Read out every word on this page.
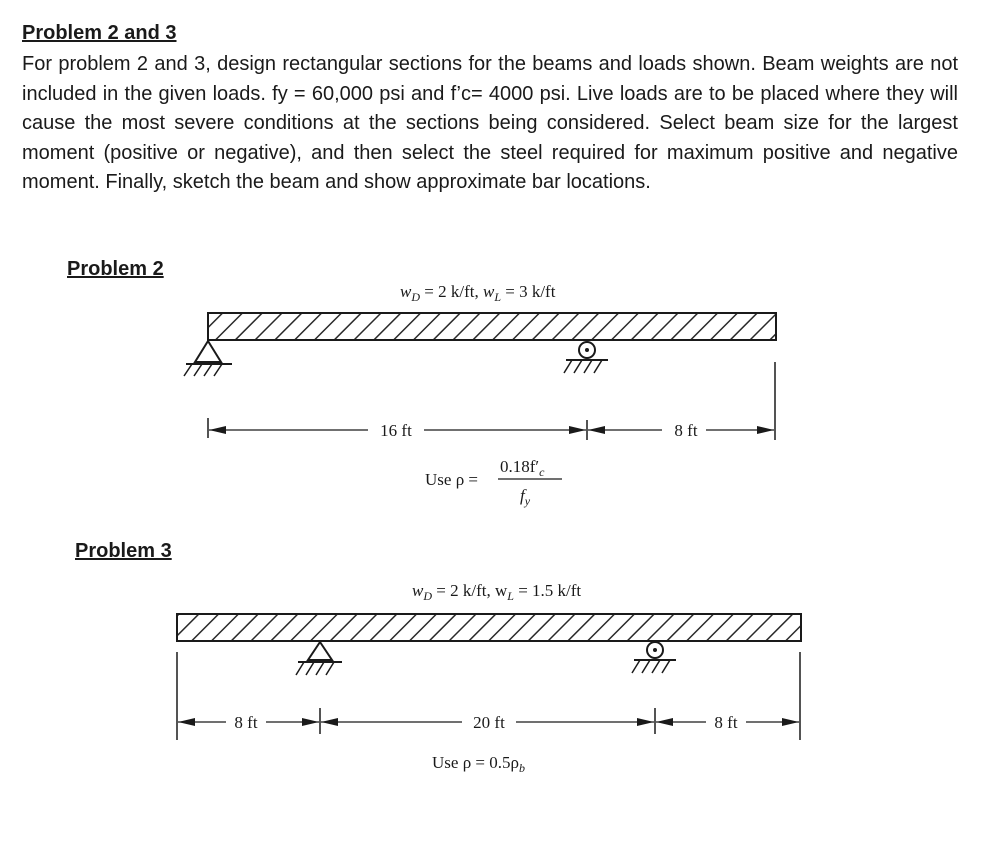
Problem 2 and 3
For problem 2 and 3, design rectangular sections for the beams and loads shown. Beam weights are not included in the given loads. fy = 60,000 psi and f’c= 4000 psi. Live loads are to be placed where they will cause the most severe conditions at the sections being considered. Select beam size for the largest moment (positive or negative), and then select the steel required for maximum positive and negative moment. Finally, sketch the beam and show approximate bar locations.
Problem 2
Problem 3
$w_D = 2$ k/ft, $w_L = 3$ k/ft
16 ft	8 ft
Use ρ =
$0.18f'_c$
$f_y$
$w_D = 2$ k/ft, $w_L = 1.5$ k/ft
8 ft	20 ft	8 ft
Use $\rho = 0.5\rho_b$
